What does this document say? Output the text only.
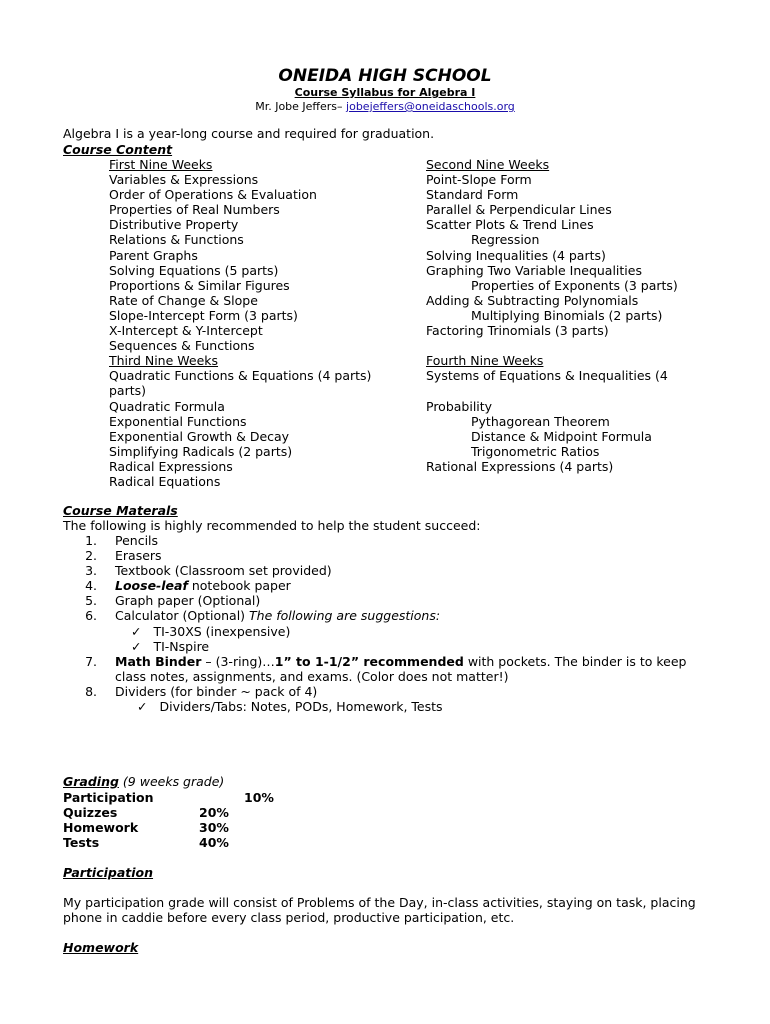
ONEIDA HIGH SCHOOL
Course Syllabus for Algebra I
Mr. Jobe Jeffers– jobejeffers@oneidaschools.org
Algebra I is a year-long course and required for graduation.
Course Content
First Nine Weeks
Variables & Expressions
Order of Operations & Evaluation
Properties of Real Numbers
Distributive Property
Relations & Functions
Parent Graphs
Solving Equations (5 parts)
Proportions & Similar Figures
Rate of Change & Slope
Slope-Intercept Form (3 parts)
X-Intercept & Y-Intercept
Sequences & Functions
Third Nine Weeks
Quadratic Functions & Equations (4 parts)
parts)
Quadratic Formula
Exponential Functions
Exponential Growth & Decay
Simplifying Radicals (2 parts)
Radical Expressions
Radical Equations
Second Nine Weeks
Point-Slope Form
Standard Form
Parallel & Perpendicular Lines
Scatter Plots & Trend Lines
Regression
Solving Inequalities (4 parts)
Graphing Two Variable Inequalities
Properties of Exponents (3 parts)
Adding & Subtracting Polynomials
Multiplying Binomials (2 parts)
Factoring Trinomials (3 parts)
Fourth Nine Weeks
Systems of Equations & Inequalities (4
Probability
Pythagorean Theorem
Distance & Midpoint Formula
Trigonometric Ratios
Rational Expressions (4 parts)
Course Materals
The following is highly recommended to help the student succeed:
1. Pencils
2. Erasers
3. Textbook (Classroom set provided)
4. Loose-leaf notebook paper
5. Graph paper (Optional)
6. Calculator (Optional) The following are suggestions:
✓ TI-30XS (inexpensive)
✓ TI-Nspire
7. Math Binder – (3-ring)…1” to 1-1/2” recommended with pockets. The binder is to keep
class notes, assignments, and exams. (Color does not matter!)
8. Dividers (for binder ~ pack of 4)
✓ Dividers/Tabs: Notes, PODs, Homework, Tests
Grading (9 weeks grade)
Participation	10%
Quizzes	20%
Homework	30%
Tests	40%
Participation
My participation grade will consist of Problems of the Day, in-class activities, staying on task, placing
phone in caddie before every class period, productive participation, etc.
Homework
